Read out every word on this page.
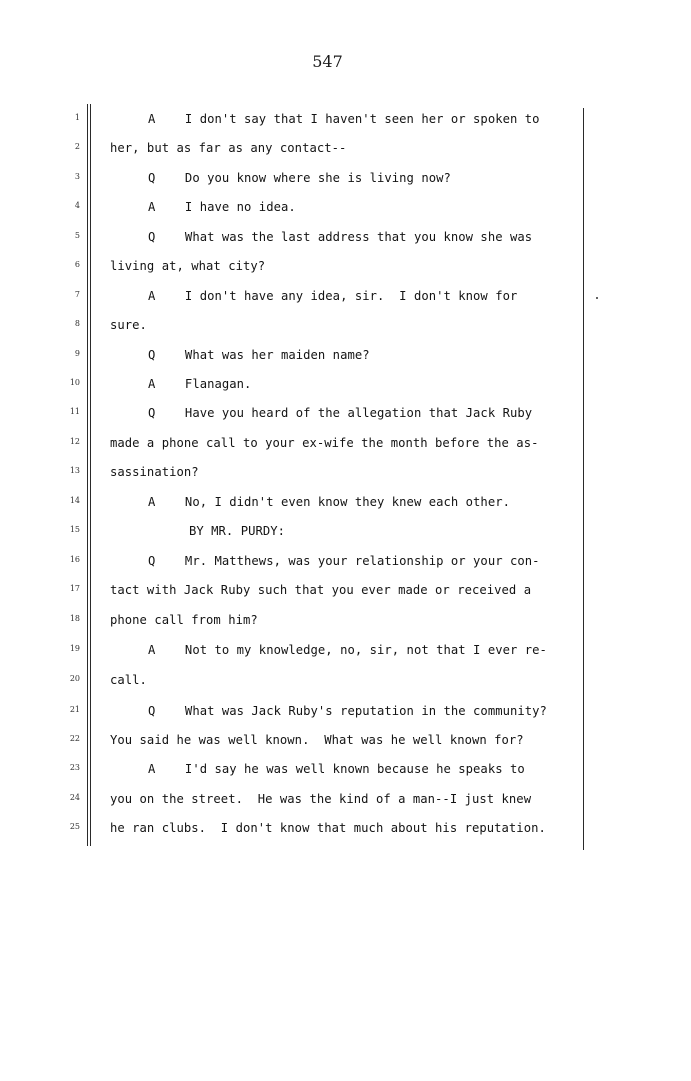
547
1	A    I don't say that I haven't seen her or spoken to
2 her, but as far as any contact--
3	Q    Do you know where she is living now?
4	A    I have no idea.
5	Q    What was the last address that you know she was
6 living at, what city?
7	A    I don't have any idea, sir.  I don't know for
8 sure.
9	Q    What was her maiden name?
10	A    Flanagan.
11	Q    Have you heard of the allegation that Jack Ruby
12 made a phone call to your ex-wife the month before the as-
13 sassination?
14	A    No, I didn't even know they knew each other.
15	BY MR. PURDY:
16	Q    Mr. Matthews, was your relationship or your con-
17 tact with Jack Ruby such that you ever made or received a
18 phone call from him?
19	A    Not to my knowledge, no, sir, not that I ever re-
20 call.
21	Q    What was Jack Ruby's reputation in the community?
22 You said he was well known.  What was he well known for?
23	A    I'd say he was well known because he speaks to
24 you on the street.  He was the kind of a man--I just knew
25 he ran clubs.  I don't know that much about his reputation.
